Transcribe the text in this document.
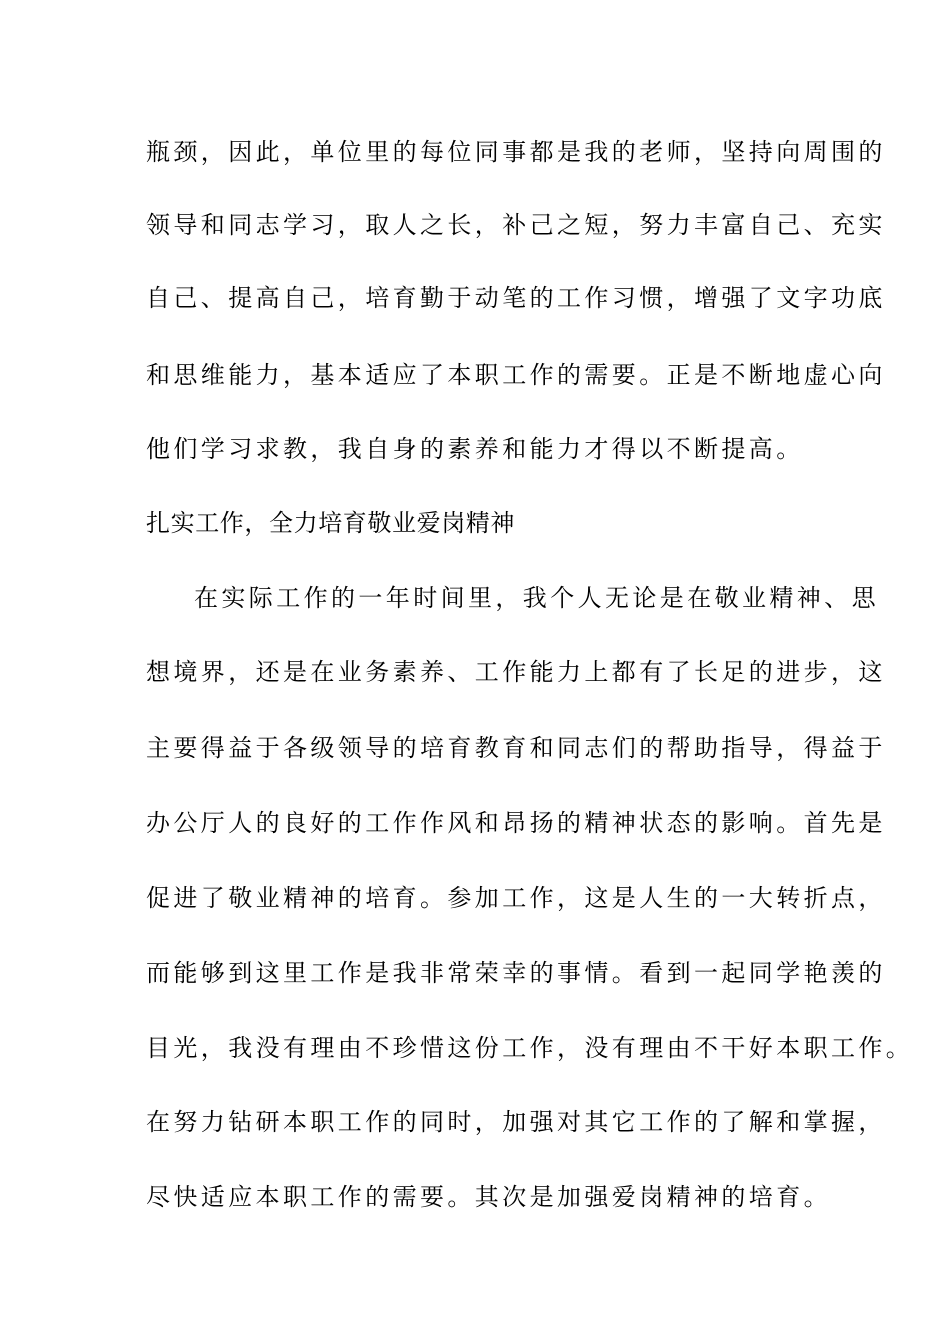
瓶颈，因此，单位里的每位同事都是我的老师，坚持向周围的
领导和同志学习，取人之长，补己之短，努力丰富自己、充实
自己、提高自己，培育勤于动笔的工作习惯，增强了文字功底
和思维能力，基本适应了本职工作的需要。正是不断地虚心向
他们学习求教，我自身的素养和能力才得以不断提高。
扎实工作，全力培育敬业爱岗精神
在实际工作的一年时间里，我个人无论是在敬业精神、思
想境界，还是在业务素养、工作能力上都有了长足的进步，这
主要得益于各级领导的培育教育和同志们的帮助指导，得益于
办公厅人的良好的工作作风和昂扬的精神状态的影响。首先是
促进了敬业精神的培育。参加工作，这是人生的一大转折点，
而能够到这里工作是我非常荣幸的事情。看到一起同学艳羡的
目光，我没有理由不珍惜这份工作，没有理由不干好本职工作。
在努力钻研本职工作的同时，加强对其它工作的了解和掌握，
尽快适应本职工作的需要。其次是加强爱岗精神的培育。
